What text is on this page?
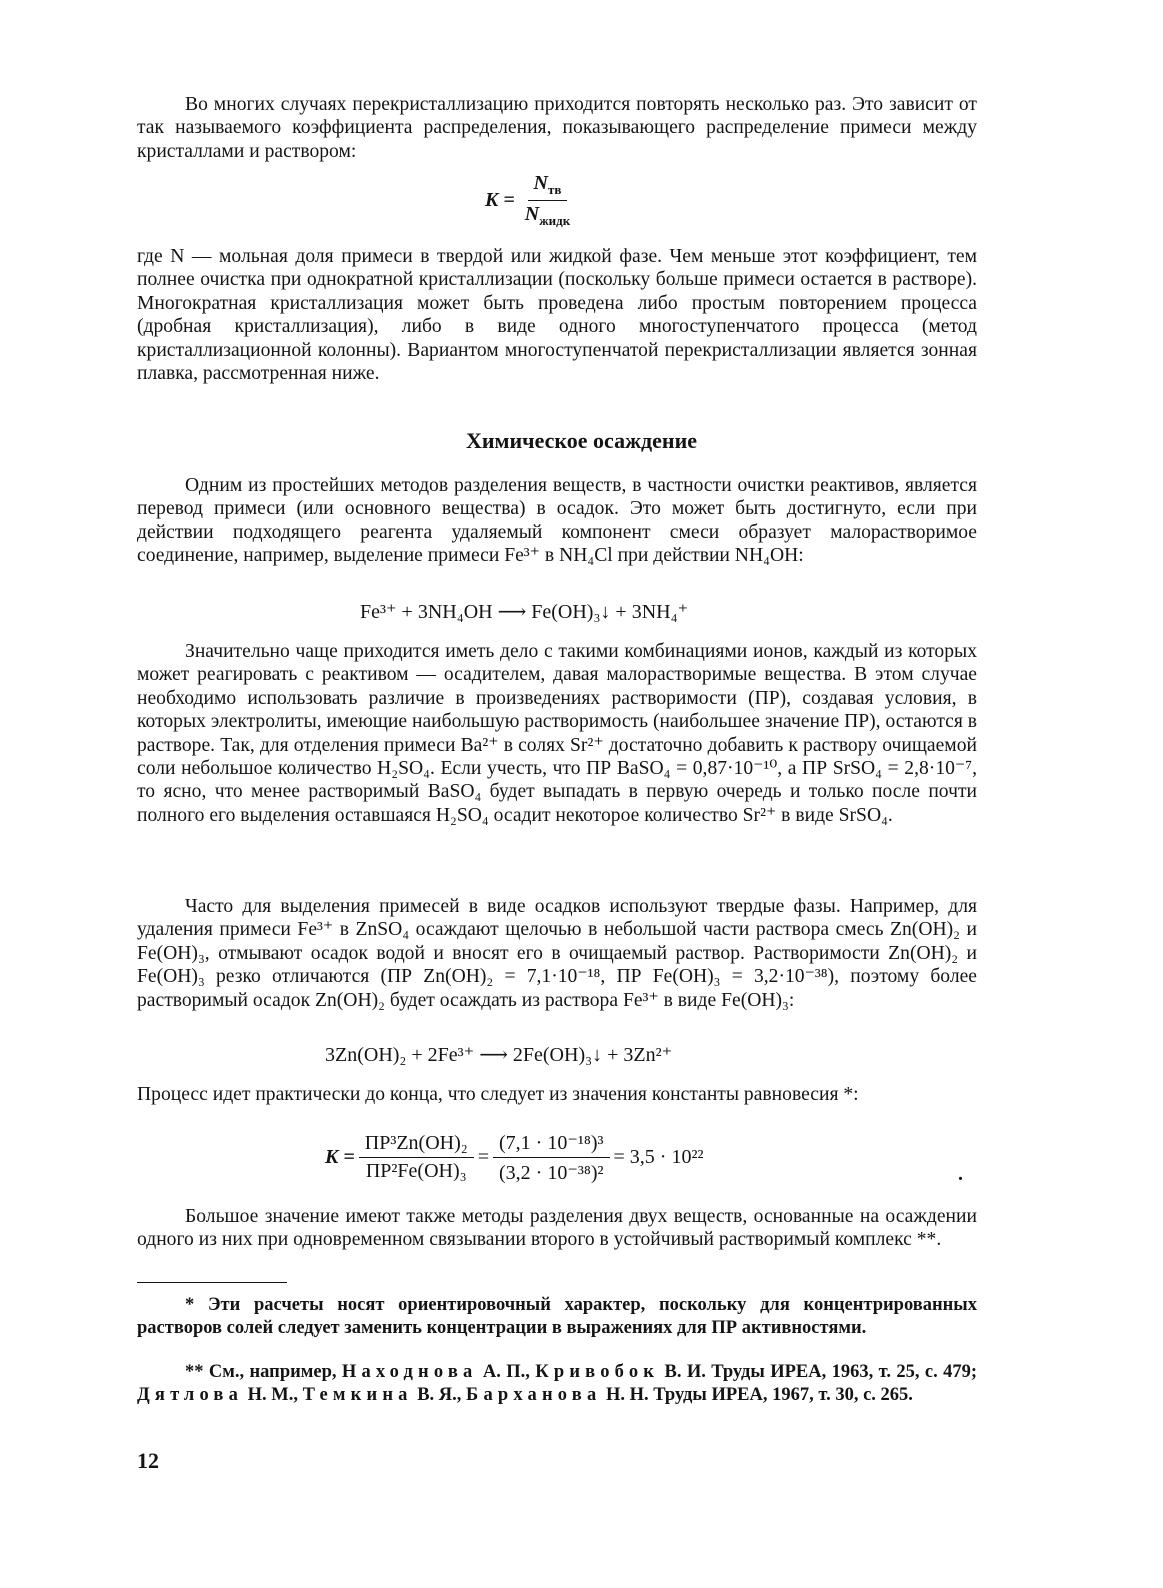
Во многих случаях перекристаллизацию приходится повторять несколько раз. Это зависит от так называемого коэффициента распределения, показывающего распределение примеси между кристаллами и раствором:
$K = \frac{N_{тв}}{N_{жидк}}$
где N — мольная доля примеси в твердой или жидкой фазе. Чем меньше этот коэффициент, тем полнее очистка при однократной кристаллизации (поскольку больше примеси остается в растворе). Многократная кристаллизация может быть проведена либо простым повторением процесса (дробная кристаллизация), либо в виде одного многоступенчатого процесса (метод кристаллизационной колонны). Вариантом многоступенчатой перекристаллизации является зонная плавка, рассмотренная ниже.
Химическое осаждение
Одним из простейших методов разделения веществ, в частности очистки реактивов, является перевод примеси (или основного вещества) в осадок. Это может быть достигнуто, если при действии подходящего реагента удаляемый компонент смеси образует малорастворимое соединение, например, выделение примеси Fe³⁺ в NH₄Cl при действии NH₄OH:
Fe³⁺ + 3NH₄OH ⟶ Fe(OH)₃↓ + 3NH₄⁺
Значительно чаще приходится иметь дело с такими комбинациями ионов, каждый из которых может реагировать с реактивом — осадителем, давая малорастворимые вещества. В этом случае необходимо использовать различие в произведениях растворимости (ПР), создавая условия, в которых электролиты, имеющие наибольшую растворимость (наибольшее значение ПР), остаются в растворе. Так, для отделения примеси Ba²⁺ в солях Sr²⁺ достаточно добавить к раствору очищаемой соли небольшое количество H₂SO₄. Если учесть, что ПР BaSO₄ = 0,87·10⁻¹⁰, а ПР SrSO₄ = 2,8·10⁻⁷, то ясно, что менее растворимый BaSO₄ будет выпадать в первую очередь и только после почти полного его выделения оставшаяся H₂SO₄ осадит некоторое количество Sr²⁺ в виде SrSO₄.
Часто для выделения примесей в виде осадков используют твердые фазы. Например, для удаления примеси Fe³⁺ в ZnSO₄ осаждают щелочью в небольшой части раствора смесь Zn(OH)₂ и Fe(OH)₃, отмывают осадок водой и вносят его в очищаемый раствор. Растворимости Zn(OH)₂ и Fe(OH)₃ резко отличаются (ПР Zn(OH)₂ = 7,1·10⁻¹⁸, ПР Fe(OH)₃ = 3,2·10⁻³⁸), поэтому более растворимый осадок Zn(OH)₂ будет осаждать из раствора Fe³⁺ в виде Fe(OH)₃:
3Zn(OH)₂ + 2Fe³⁺ ⟶ 2Fe(OH)₃↓ + 3Zn²⁺
Процесс идет практически до конца, что следует из значения константы равновесия *:
$K = \frac{\text{ПР³Zn(OH)₂}}{\text{ПР²Fe(OH)₃}} = \frac{\text{(7,1 · 10⁻¹⁸)³}}{\text{(3,2 · 10⁻³⁸)²}} = 3,5 \cdot 10^{22}$
.
Большое значение имеют также методы разделения двух веществ, основанные на осаждении одного из них при одновременном связывании второго в устойчивый растворимый комплекс **.
* Эти расчеты носят ориентировочный характер, поскольку для концентрированных растворов солей следует заменить концентрации в выражениях для ПР активностями.
** См., например, Находнова А. П., Кривобок В. И. Труды ИРЕА, 1963, т. 25, с. 479; Дятлова Н. М., Темкина В. Я., Барханова Н. Н. Труды ИРЕА, 1967, т. 30, с. 265.
12
